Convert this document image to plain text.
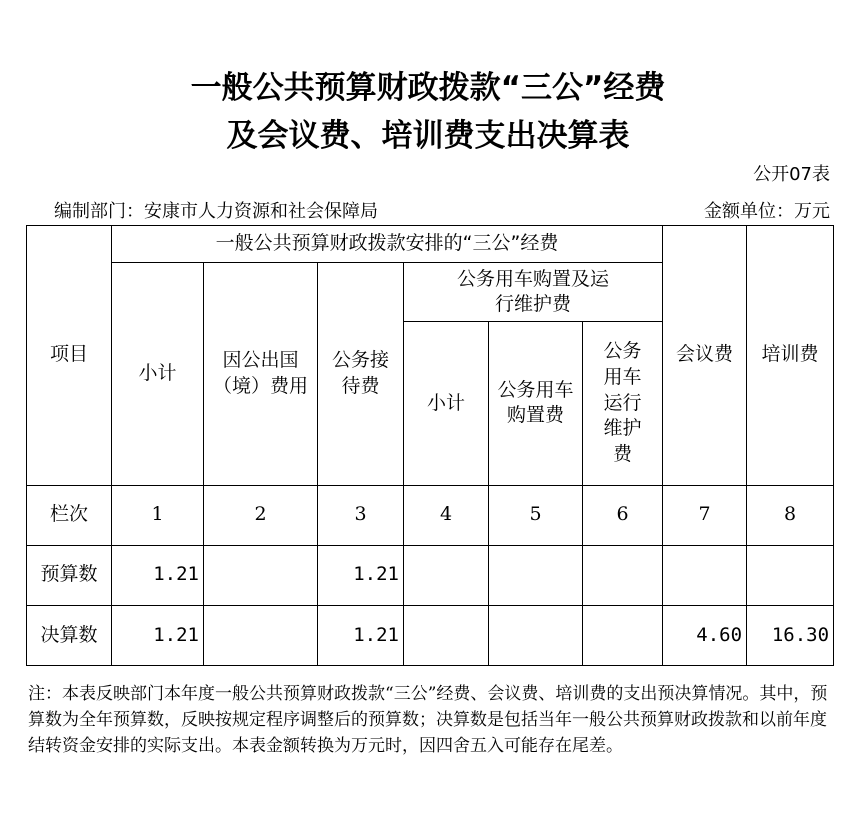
一般公共预算财政拨款“三公”经费
及会议费、培训费支出决算表
公开07表
编制部门：安康市人力资源和社会保障局	金额单位：万元
项目	一般公共预算财政拨款安排的“三公”经费						会议费	培训费
	小计	因公出国（境）费用	公务接待费	公务用车购置及运行维护费				
				小计	公务用车购置费	公务用车运行维护费		
栏次	1	2	3	4	5	6	7	8
预算数	1.21		1.21					
决算数	1.21		1.21				4.60	16.30
注：本表反映部门本年度一般公共预算财政拨款“三公”经费、会议费、培训费的支出预决算情况。其中，预算数为全年预算数，反映按规定程序调整后的预算数；决算数是包括当年一般公共预算财政拨款和以前年度结转资金安排的实际支出。本表金额转换为万元时，因四舍五入可能存在尾差。
